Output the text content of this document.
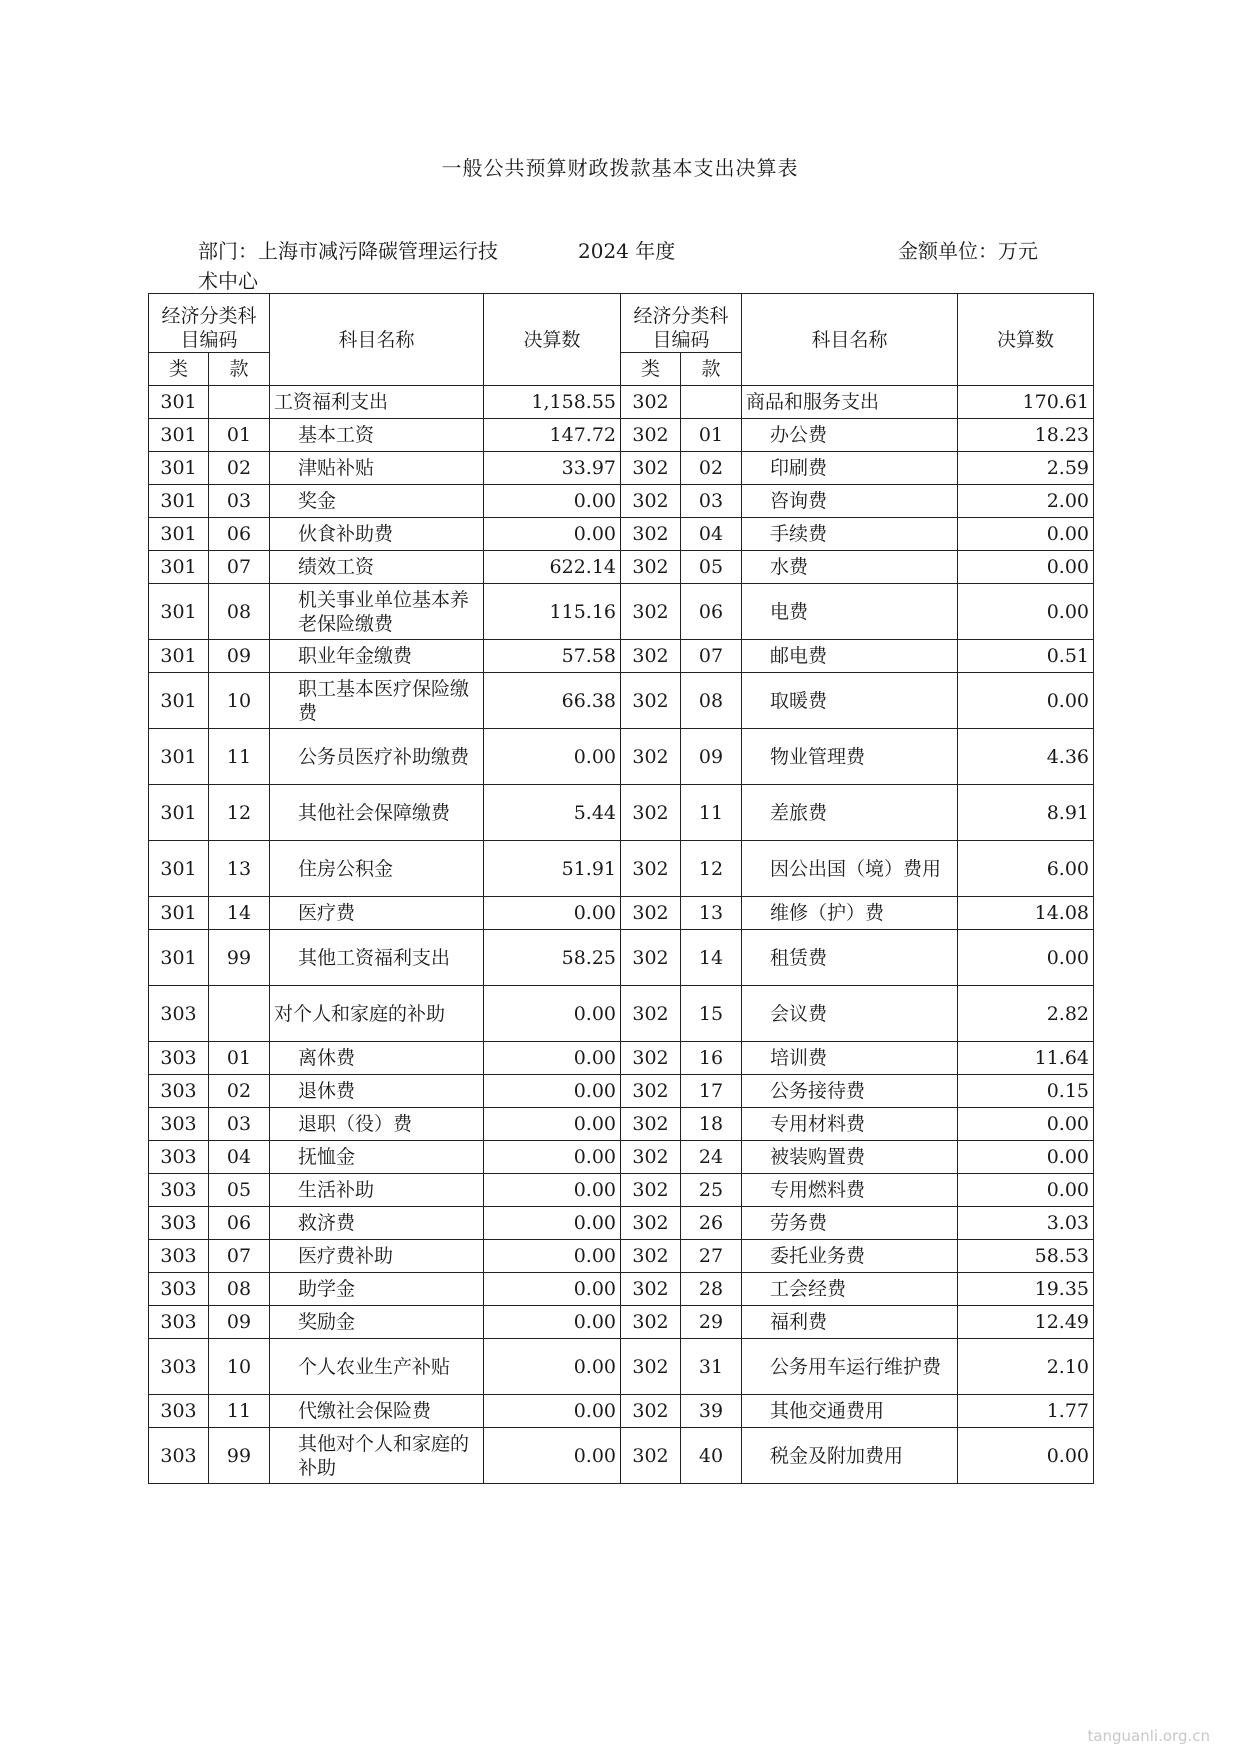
一般公共预算财政拨款基本支出决算表
部门：上海市减污降碳管理运行技术中心
2024 年度	金额单位：万元
经济分类科目编码		科目名称	决算数	经济分类科目编码		科目名称	决算数
类	款			类	款		
301		工资福利支出	1,158.55	302		商品和服务支出	170.61
301	01	基本工资	147.72	302	01	办公费	18.23
301	02	津贴补贴	33.97	302	02	印刷费	2.59
301	03	奖金	0.00	302	03	咨询费	2.00
301	06	伙食补助费	0.00	302	04	手续费	0.00
301	07	绩效工资	622.14	302	05	水费	0.00
301	08	机关事业单位基本养老保险缴费	115.16	302	06	电费	0.00
301	09	职业年金缴费	57.58	302	07	邮电费	0.51
301	10	职工基本医疗保险缴费	66.38	302	08	取暖费	0.00
301	11	公务员医疗补助缴费	0.00	302	09	物业管理费	4.36
301	12	其他社会保障缴费	5.44	302	11	差旅费	8.91
301	13	住房公积金	51.91	302	12	因公出国（境）费用	6.00
301	14	医疗费	0.00	302	13	维修（护）费	14.08
301	99	其他工资福利支出	58.25	302	14	租赁费	0.00
303		对个人和家庭的补助	0.00	302	15	会议费	2.82
303	01	离休费	0.00	302	16	培训费	11.64
303	02	退休费	0.00	302	17	公务接待费	0.15
303	03	退职（役）费	0.00	302	18	专用材料费	0.00
303	04	抚恤金	0.00	302	24	被装购置费	0.00
303	05	生活补助	0.00	302	25	专用燃料费	0.00
303	06	救济费	0.00	302	26	劳务费	3.03
303	07	医疗费补助	0.00	302	27	委托业务费	58.53
303	08	助学金	0.00	302	28	工会经费	19.35
303	09	奖励金	0.00	302	29	福利费	12.49
303	10	个人农业生产补贴	0.00	302	31	公务用车运行维护费	2.10
303	11	代缴社会保险费	0.00	302	39	其他交通费用	1.77
303	99	其他对个人和家庭的补助	0.00	302	40	税金及附加费用	0.00
tanguanli.org.cn
